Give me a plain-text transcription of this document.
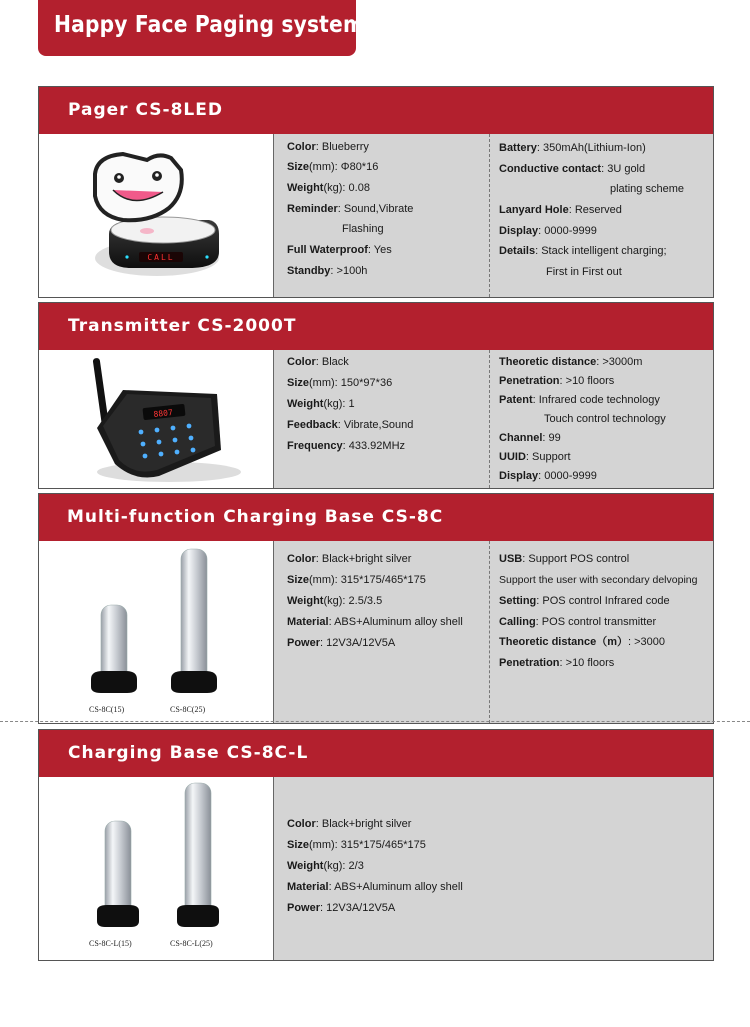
Happy Face Paging system
Pager CS-8LED
CALL
Color: Blueberry
Size(mm): Φ80*16
Weight(kg): 0.08
Reminder: Sound,Vibrate
Flashing
Full Waterproof: Yes
Standby: >100h
Battery: 350mAh(Lithium-Ion)
Conductive contact: 3U gold
plating scheme
Lanyard Hole: Reserved
Display: 0000-9999
Details: Stack intelligent charging;
First in First out
Transmitter CS-2000T
8807
Color: Black
Size(mm): 150*97*36
Weight(kg): 1
Feedback: Vibrate,Sound
Frequency: 433.92MHz
Theoretic distance: >3000m
Penetration: >10 floors
Patent: Infrared code technology
Touch control technology
Channel: 99
UUID: Support
Display: 0000-9999
Multi-function Charging Base CS-8C
CS-8C(15)	CS-8C(25)
Color: Black+bright silver
Size(mm): 315*175/465*175
Weight(kg): 2.5/3.5
Material: ABS+Aluminum alloy shell
Power: 12V3A/12V5A
USB: Support POS control
Support the user with secondary delvoping
Setting: POS control Infrared code
Calling: POS control transmitter
Theoretic distance（m）: >3000
Penetration: >10 floors
Charging Base CS-8C-L
CS-8C-L(15)	CS-8C-L(25)
Color: Black+bright silver
Size(mm): 315*175/465*175
Weight(kg): 2/3
Material: ABS+Aluminum alloy shell
Power: 12V3A/12V5A
